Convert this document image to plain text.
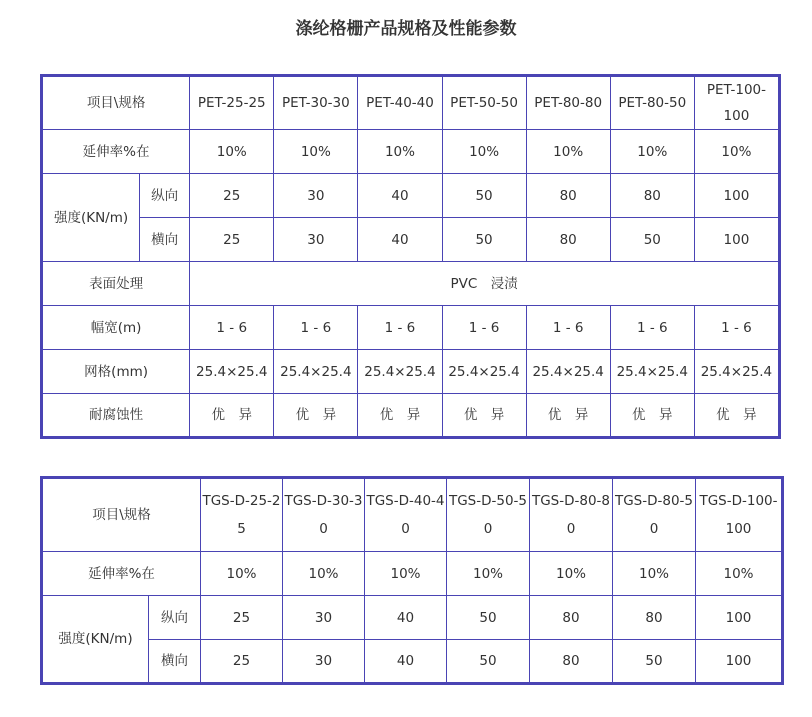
涤纶格栅产品规格及性能参数
项目\规格		PET-25-25	PET-30-30	PET-40-40	PET-50-50	PET-80-80	PET-80-50	PET-100-100
延伸率%在		10%	10%	10%	10%	10%	10%	10%
强度(KN/m)	纵向	25	30	40	50	80	80	100
	横向	25	30	40	50	80	50	100
表面处理		PVC　浸渍						
幅宽(m)		1 - 6	1 - 6	1 - 6	1 - 6	1 - 6	1 - 6	1 - 6
网格(mm)		25.4×25.4	25.4×25.4	25.4×25.4	25.4×25.4	25.4×25.4	25.4×25.4	25.4×25.4
耐腐蚀性		优　异	优　异	优　异	优　异	优　异	优　异	优　异
项目\规格		TGS-D-25-25	TGS-D-30-30	TGS-D-40-40	TGS-D-50-50	TGS-D-80-80	TGS-D-80-50	TGS-D-100-100
延伸率%在		10%	10%	10%	10%	10%	10%	10%
强度(KN/m)	纵向	25	30	40	50	80	80	100
	横向	25	30	40	50	80	50	100
